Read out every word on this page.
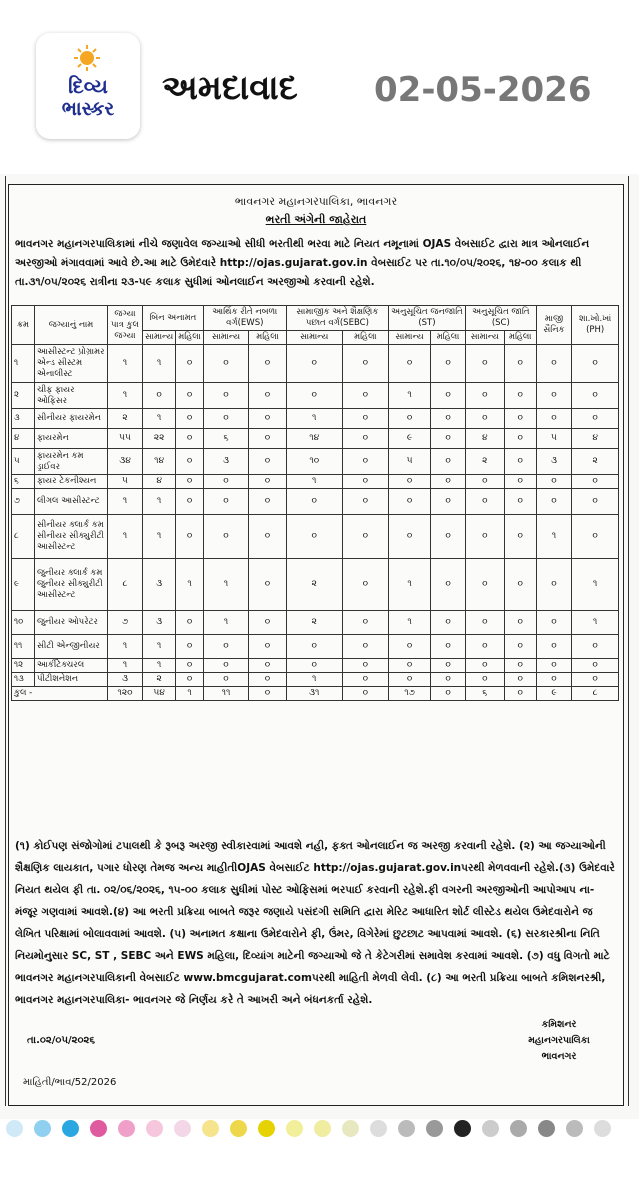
દિવ્ય
ભાસ્કર
અમદાવાદ 02-05-2026
ભાવનગર મહાનગરપાલિકા, ભાવનગર
ભરતી અંગેની જાહેરાત
ભાવનગર મહાનગરપાલિકામાં નીચે જણાવેલ જગ્યાઓ સીધી ભરતીથી ભરવા માટે નિયત નમૂનામાં OJAS વેબસાઈટ દ્વારા માત્ર ઓનલાઈન અરજીઓ મંગાવવામાં આવે છે.આ માટે ઉમેદવારે http://ojas.gujarat.gov.in વેબસાઈટ પર તા.૧૦/૦૫/૨૦૨૬, ૧૪-૦૦ કલાક થી તા.૩૧/૦૫/૨૦૨૬ રાત્રીના ૨૩-૫૯ કલાક સુધીમાં ઓનલાઈન અરજીઓ કરવાની રહેશે.
ક્રમ	જગ્યાનું નામ	જગ્યા પાત્ર કુલ જગ્યા	બિન અનામત		આર્થિક રીતે નબળા વર્ગ(EWS)		સામાજીક અને શૈક્ષણિક પછાત વર્ગ(SEBC)		અનુસૂચિત જનજાતિ (ST)		અનુસૂચિત જાતિ (SC)		માજી સૈનિક	શા.ખો.ખાં (PH)
			સામાન્ય	મહિલા	સામાન્ય	મહિલા	સામાન્ય	મહિલા	સામાન્ય	મહિલા	સામાન્ય	મહિલા		
૧	આસીસ્ટન્ટ પ્રોગ્રામર એન્ડ સીસ્ટમ એનાલીસ્ટ	૧	૧	૦	૦	૦	૦	૦	૦	૦	૦	૦	૦	૦
૨	ચીફ ફાયર ઓફિસર	૧	૦	૦	૦	૦	૦	૦	૧	૦	૦	૦	૦	૦
૩	સીનીયર ફાયરમેન	૨	૧	૦	૦	૦	૧	૦	૦	૦	૦	૦	૦	૦
૪	ફાયરમેન	૫૫	૨૨	૦	૬	૦	૧૪	૦	૯	૦	૪	૦	૫	૪
૫	ફાયરમેન કમ ડ્રાઈવર	૩૪	૧૪	૦	૩	૦	૧૦	૦	૫	૦	૨	૦	૩	૨
૬	ફાયર ટેકનીશ્યન	૫	૪	૦	૦	૦	૧	૦	૦	૦	૦	૦	૦	૦
૭	લીગલ આસીસ્ટન્ટ	૧	૧	૦	૦	૦	૦	૦	૦	૦	૦	૦	૦	૦
૮	સીનીયર ક્લાર્ક કમ સીનીયર સીક્યુરીટી આસીસ્ટન્ટ	૧	૧	૦	૦	૦	૦	૦	૦	૦	૦	૦	૧	૦
૯	જુનીયર ક્લાર્ક કમ જુનીયર સીક્યુરીટી આસીસ્ટન્ટ	૮	૩	૧	૧	૦	૨	૦	૧	૦	૦	૦	૦	૧
૧૦	જુનીયર ઓપરેટર	૭	૩	૦	૧	૦	૨	૦	૧	૦	૦	૦	૦	૧
૧૧	સીટી એન્જીનીયર	૧	૧	૦	૦	૦	૦	૦	૦	૦	૦	૦	૦	૦
૧૨	આર્કીટેક્ચરલ	૧	૧	૦	૦	૦	૦	૦	૦	૦	૦	૦	૦	૦
૧૩	પીટીશનેશન	૩	૨	૦	૦	૦	૧	૦	૦	૦	૦	૦	૦	૦
કુલ -		૧૨૦	૫૪	૧	૧૧	૦	૩૧	૦	૧૭	૦	૬	૦	૯	૮
(૧) કોઈપણ સંજોગોમાં ટપાલથી કે રૂબરૂ અરજી સ્વીકારવામાં આવશે નહી, ફક્ત ઓનલાઈન જ અરજી કરવાની રહેશે. (૨) આ જગ્યાઓની શૈક્ષણિક લાયકાત, પગાર ધોરણ તેમજ અન્ય માહીતીOJAS વેબસાઈટ http://ojas.gujarat.gov.inપરથી મેળવવાની રહેશે.(૩) ઉમેદવારે નિયત થયેલ ફી તા. ૦૨/૦૬/૨૦૨૬, ૧૫-૦૦ કલાક સુધીમાં પોસ્ટ ઓફિસમાં ભરપાઈ કરવાની રહેશે.ફી વગરની અરજીઓની આપોઆપ ના-મંજૂર ગણવામાં આવશે.(૪) આ ભરતી પ્રક્રિયા બાબતે જરૂર જણાયે પસંદગી સમિતિ દ્વારા મેરિટ આધારિત શોર્ટ લીસ્ટેડ થયેલ ઉમેદવારોને જ લેખિત પરિક્ષામાં બોલાવવામાં આવશે. (૫) અનામત કક્ષાના ઉમેદવારોને ફી, ઉંમર, વિગેરેમાં છુટછાટ આપવામાં આવશે. (૬) સરકારશ્રીના નિતિ નિયમોનુસાર SC, ST , SEBC અને EWS મહિલા, દિવ્યાંગ માટેની જગ્યાઓ જે તે કેટેગરીમાં સમાવેશ કરવામાં આવશે. (૭) વધુ વિગતો માટે ભાવનગર મહાનગરપાલિકાની વેબસાઈટ www.bmcgujarat.comપરથી માહિતી મેળવી લેવી. (૮) આ ભરતી પ્રક્રિયા બાબતે કમિશનરશ્રી, ભાવનગર મહાનગરપાલિકા- ભાવનગર જે નિર્ણય કરે તે આખરી અને બંધનકર્તા રહેશે.
તા.૦૨/૦૫/૨૦૨૬
કમિશનર
મહાનગરપાલિકા
ભાવનગર
માહિતી/ભાવ/52/2026
